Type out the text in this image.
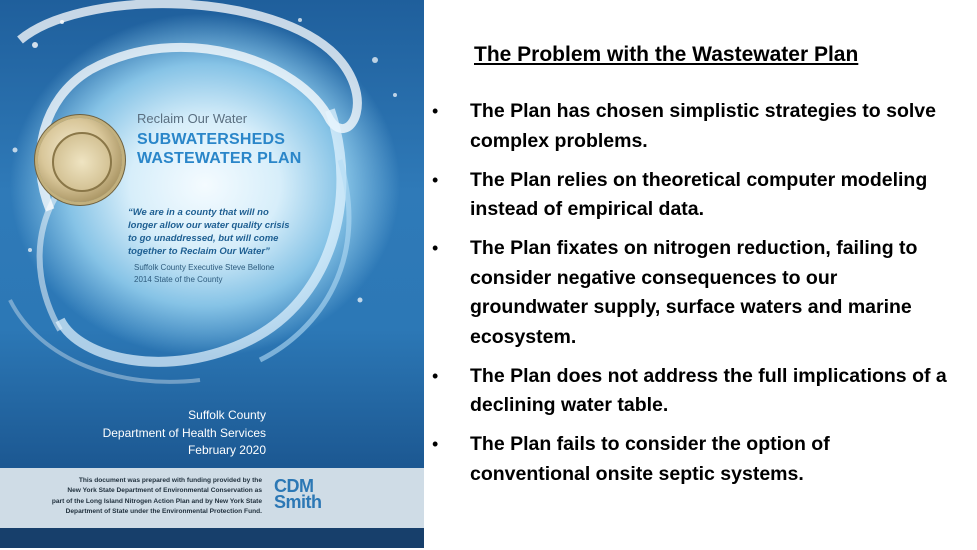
Reclaim Our Water
SUBWATERSHEDS
WASTEWATER PLAN
“We are in a county that will no longer allow our water quality crisis to go unaddressed, but will come together to Reclaim Our Water”
Suffolk County Executive Steve Bellone
2014 State of the County
Suffolk County
Department of Health Services
February 2020
This document was prepared with funding provided by the
New York State Department of Environmental Conservation as
part of the Long Island Nitrogen Action Plan and by New York State
Department of State under the Environmental Protection Fund.
CDM
Smith
The Problem with the Wastewater Plan
• The Plan has chosen simplistic strategies to solve complex problems.
• The Plan relies on theoretical computer modeling instead of empirical data.
• The Plan fixates on nitrogen reduction, failing to consider negative consequences to our groundwater supply, surface waters and marine ecosystem.
• The Plan does not address the full implications of a declining water table.
• The Plan fails to consider the option of conventional onsite septic systems.
